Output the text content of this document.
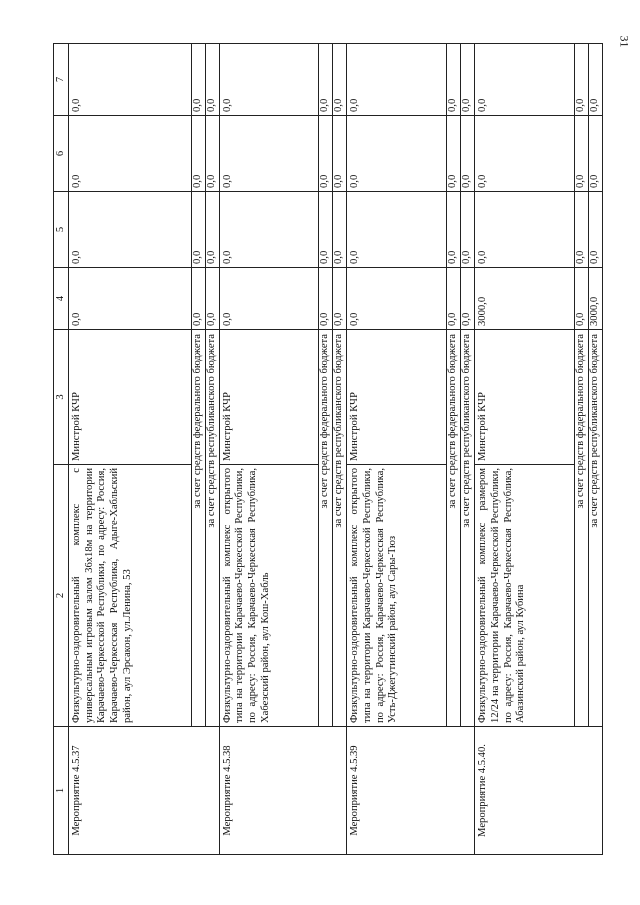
31
1	2	3	4	5	6	7
Мероприятие 4.5.37	Физкультурно-оздоровительный комплекс с универсальным игровым залом 36х18м на территории Карачаево-Черкесской Республики, по адресу: Россия, Карачаево-Черкесская Республика, Адыге-Хабльский район, аул Эрсакон, ул.Ленина, 53	Минстрой КЧР	0,0	0,0	0,0	0,0
	за счет средств федерального бюджета		0,0	0,0	0,0	0,0
	за счет средств республиканского бюджета		0,0	0,0	0,0	0,0
Мероприятие 4.5.38	Физкультурно-оздоровительный комплекс открытого типа на территории Карачаево-Черкесской Республики, по адресу: Россия, Карачаево-Черкесская Республика, Хабезский район, аул Кош-Хабль	Минстрой КЧР	0,0	0,0	0,0	0,0
	за счет средств федерального бюджета		0,0	0,0	0,0	0,0
	за счет средств республиканского бюджета		0,0	0,0	0,0	0,0
Мероприятие 4.5.39	Физкультурно-оздоровительный комплекс открытого типа на территории Карачаево-Черкесской Республики, по адресу: Россия, Карачаево-Черкесская Республика, Усть-Джегутинский район, аул Сары-Тюз	Минстрой КЧР	0,0	0,0	0,0	0,0
	за счет средств федерального бюджета		0,0	0,0	0,0	0,0
	за счет средств республиканского бюджета		0,0	0,0	0,0	0,0
Мероприятие 4.5.40.	Физкультурно-оздоровительный комплекс размером 12/24 на территории Карачаево-Черкесской Республики, по адресу: Россия, Карачаево-Черкесская Республика, Абазинский район, аул Кубина	Минстрой КЧР	3000,0	0,0	0,0	0,0
	за счет средств федерального бюджета		0,0	0,0	0,0	0,0
	за счет средств республиканского бюджета		3000,0	0,0	0,0	0,0
